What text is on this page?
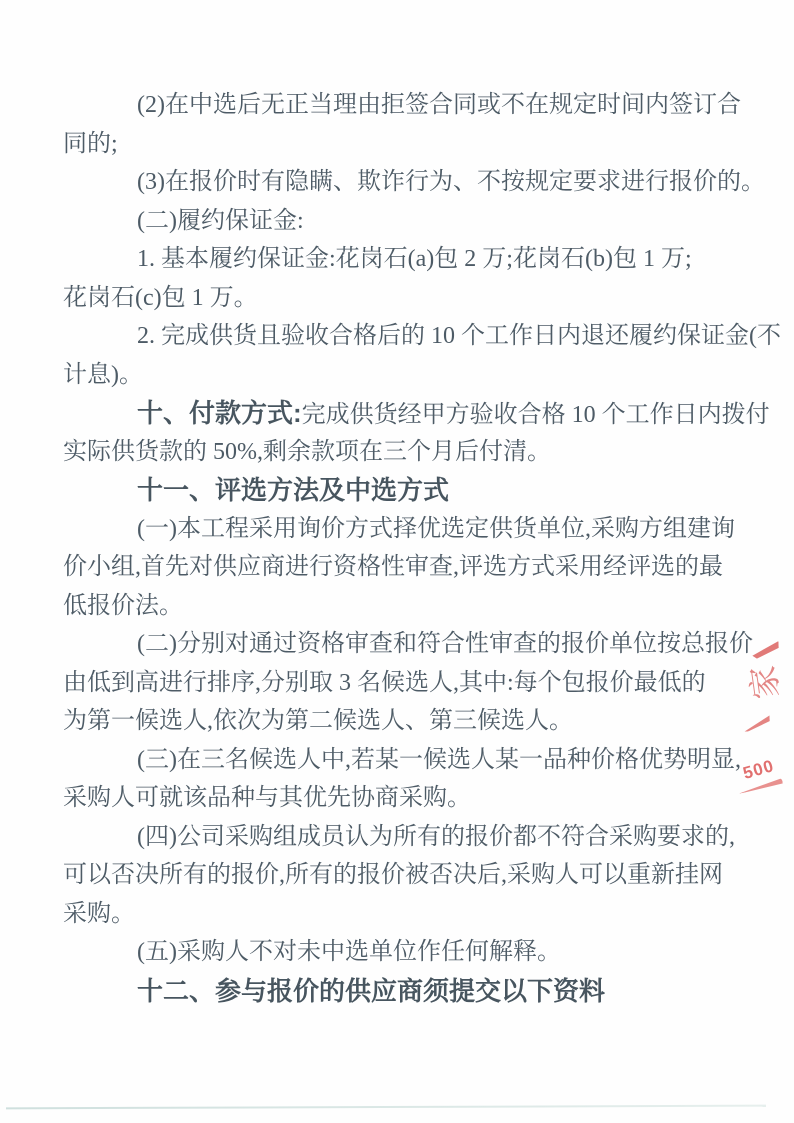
(2)在中选后无正当理由拒签合同或不在规定时间内签订合
同的;
(3)在报价时有隐瞒、欺诈行为、不按规定要求进行报价的。
(二)履约保证金:
1. 基本履约保证金:花岗石(a)包 2 万;花岗石(b)包 1 万;
花岗石(c)包 1 万。
2. 完成供货且验收合格后的 10 个工作日内退还履约保证金(不
计息)。
十、付款方式:完成供货经甲方验收合格 10 个工作日内拨付
实际供货款的 50%,剩余款项在三个月后付清。
十一、评选方法及中选方式
(一)本工程采用询价方式择优选定供货单位,采购方组建询
价小组,首先对供应商进行资格性审查,评选方式采用经评选的最
低报价法。
(二)分别对通过资格审查和符合性审查的报价单位按总报价
由低到高进行排序,分别取 3 名候选人,其中:每个包报价最低的
为第一候选人,依次为第二候选人、第三候选人。
(三)在三名候选人中,若某一候选人某一品种价格优势明显,
采购人可就该品种与其优先协商采购。
(四)公司采购组成员认为所有的报价都不符合采购要求的,
可以否决所有的报价,所有的报价被否决后,采购人可以重新挂网
采购。
(五)采购人不对未中选单位作任何解释。
十二、参与报价的供应商须提交以下资料
家
500
